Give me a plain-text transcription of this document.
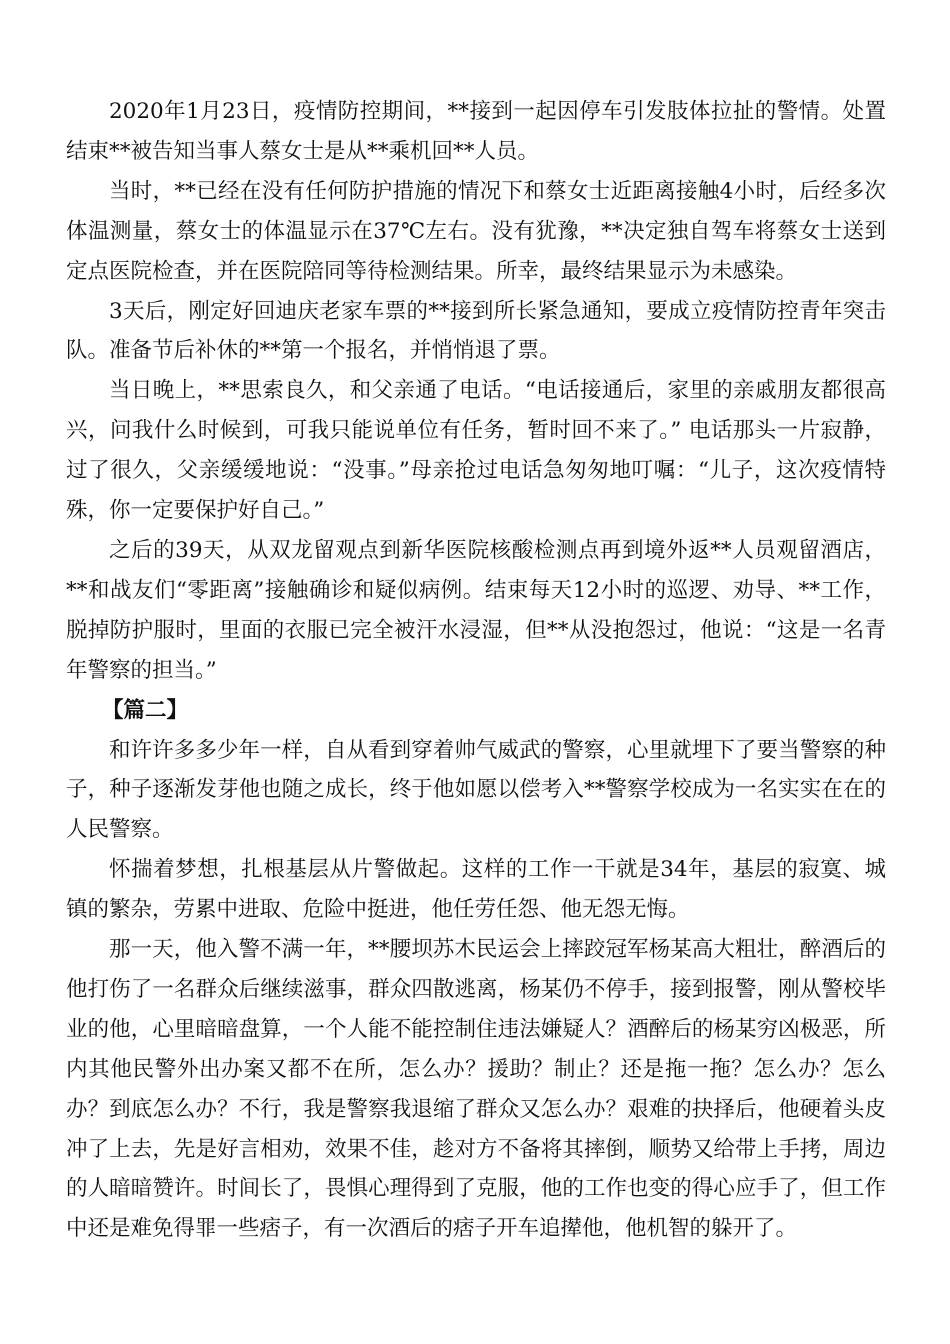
2020年1月23日，疫情防控期间，**接到一起因停车引发肢体拉扯的警情。处置结束**被告知当事人蔡女士是从**乘机回**人员。

当时，**已经在没有任何防护措施的情况下和蔡女士近距离接触4小时，后经多次体温测量，蔡女士的体温显示在37℃左右。没有犹豫，**决定独自驾车将蔡女士送到定点医院检查，并在医院陪同等待检测结果。所幸，最终结果显示为未感染。

3天后，刚定好回迪庆老家车票的**接到所长紧急通知，要成立疫情防控青年突击队。准备节后补休的**第一个报名，并悄悄退了票。

当日晚上，**思索良久，和父亲通了电话。“电话接通后，家里的亲戚朋友都很高兴，问我什么时候到，可我只能说单位有任务，暂时回不来了。” 电话那头一片寂静，过了很久，父亲缓缓地说：“没事。”母亲抢过电话急匆匆地叮嘱：“儿子，这次疫情特殊，你一定要保护好自己。”

之后的39天，从双龙留观点到新华医院核酸检测点再到境外返**人员观留酒店，**和战友们“零距离”接触确诊和疑似病例。结束每天12小时的巡逻、劝导、**工作，脱掉防护服时，里面的衣服已完全被汗水浸湿，但**从没抱怨过，他说：“这是一名青年警察的担当。”

【篇二】

和许许多多少年一样，自从看到穿着帅气威武的警察，心里就埋下了要当警察的种子，种子逐渐发芽他也随之成长，终于他如愿以偿考入**警察学校成为一名实实在在的人民警察。

怀揣着梦想，扎根基层从片警做起。这样的工作一干就是34年，基层的寂寞、城镇的繁杂，劳累中进取、危险中挺进，他任劳任怨、他无怨无悔。

那一天，他入警不满一年，**腰坝苏木民运会上摔跤冠军杨某高大粗壮，醉酒后的他打伤了一名群众后继续滋事，群众四散逃离，杨某仍不停手，接到报警，刚从警校毕业的他，心里暗暗盘算，一个人能不能控制住违法嫌疑人？酒醉后的杨某穷凶极恶，所内其他民警外出办案又都不在所，怎么办？援助？制止？还是拖一拖？怎么办？怎么办？到底怎么办？不行，我是警察我退缩了群众又怎么办？艰难的抉择后，他硬着头皮冲了上去，先是好言相劝，效果不佳，趁对方不备将其摔倒，顺势又给带上手拷，周边的人暗暗赞许。时间长了，畏惧心理得到了克服，他的工作也变的得心应手了，但工作中还是难免得罪一些痞子，有一次酒后的痞子开车追撵他，他机智的躲开了。
